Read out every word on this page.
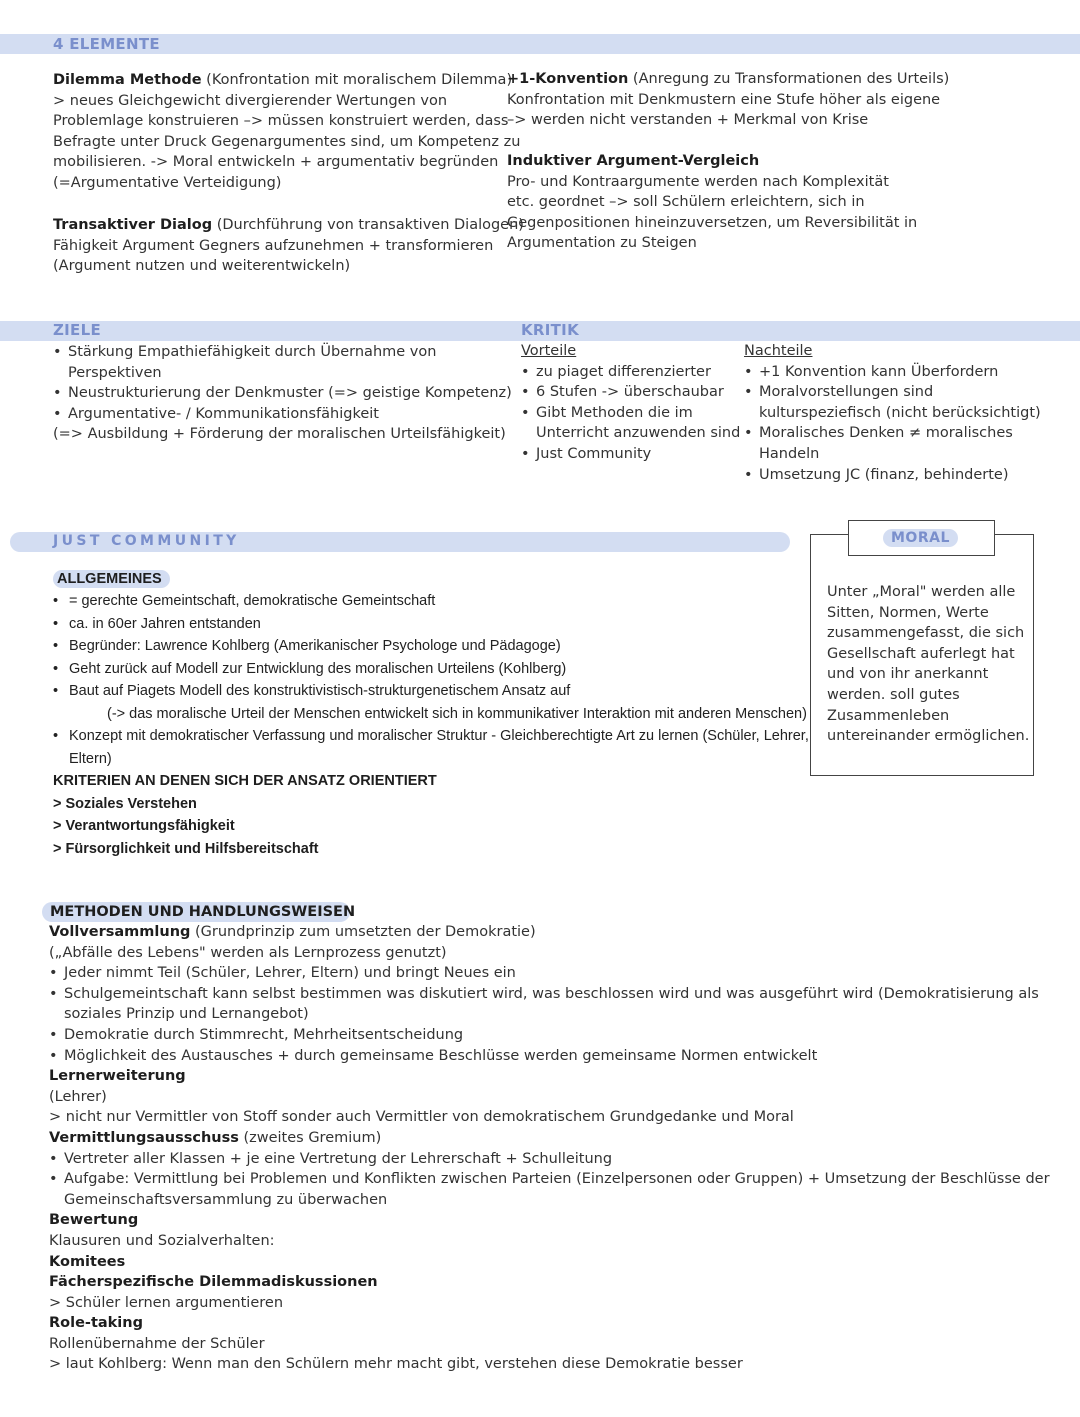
4 ELEMENTE
Dilemma Methode (Konfrontation mit moralischem Dilemma)
> neues Gleichgewicht divergierender Wertungen von
Problemlage konstruieren –> müssen konstruiert werden, dass
Befragte unter Druck Gegenargumentes sind, um Kompetenz zu
mobilisieren. -> Moral entwickeln + argumentativ begründen
(=Argumentative Verteidigung)
Transaktiver Dialog (Durchführung von transaktiven Dialogen)
Fähigkeit Argument Gegners aufzunehmen + transformieren
(Argument nutzen und weiterentwickeln)
+1-Konvention (Anregung zu Transformationen des Urteils)
Konfrontation mit Denkmustern eine Stufe höher als eigene
–> werden nicht verstanden + Merkmal von Krise
Induktiver Argument-Vergleich
Pro- und Kontraargumente werden nach Komplexität
etc. geordnet –> soll Schülern erleichtern, sich in
Gegenpositionen hineinzuversetzen, um Reversibilität in
Argumentation zu Steigen
ZIELE	KRITIK
• Stärkung Empathiefähigkeit durch Übernahme von
Perspektiven
• Neustrukturierung der Denkmuster (=> geistige Kompetenz)
• Argumentative- / Kommunikationsfähigkeit
(=> Ausbildung + Förderung der moralischen Urteilsfähigkeit)
Vorteile
• zu piaget differenzierter
• 6 Stufen -> überschaubar
• Gibt Methoden die im
Unterricht anzuwenden sind
• Just Community
Nachteile
• +1 Konvention kann Überfordern
• Moralvorstellungen sind
kulturspeziefisch (nicht berücksichtigt)
• Moralisches Denken ≠ moralisches
Handeln
• Umsetzung JC (finanz, behinderte)
JUST COMMUNITY
ALLGEMEINES
• = gerechte Gemeintschaft, demokratische Gemeintschaft
• ca. in 60er Jahren entstanden
• Begründer: Lawrence Kohlberg (Amerikanischer Psychologe und Pädagoge)
• Geht zurück auf Modell zur Entwicklung des moralischen Urteilens (Kohlberg)
• Baut auf Piagets Modell des konstruktivistisch-strukturgenetischem Ansatz auf
(-> das moralische Urteil der Menschen entwickelt sich in kommunikativer Interaktion mit anderen Menschen)
• Konzept mit demokratischer Verfassung und moralischer Struktur - Gleichberechtigte Art zu lernen (Schüler, Lehrer,
Eltern)
KRITERIEN AN DENEN SICH DER ANSATZ ORIENTIERT
> Soziales Verstehen
> Verantwortungsfähigkeit
> Fürsorglichkeit und Hilfsbereitschaft
MORAL
Unter „Moral" werden alle
Sitten, Normen, Werte
zusammengefasst, die sich
Gesellschaft auferlegt hat
und von ihr anerkannt
werden. soll gutes
Zusammenleben
untereinander ermöglichen.
METHODEN UND HANDLUNGSWEISEN
Vollversammlung (Grundprinzip zum umsetzten der Demokratie)
(„Abfälle des Lebens" werden als Lernprozess genutzt)
• Jeder nimmt Teil (Schüler, Lehrer, Eltern) und bringt Neues ein
• Schulgemeintschaft kann selbst bestimmen was diskutiert wird, was beschlossen wird und was ausgeführt wird (Demokratisierung als
soziales Prinzip und Lernangebot)
• Demokratie durch Stimmrecht, Mehrheitsentscheidung
• Möglichkeit des Austausches + durch gemeinsame Beschlüsse werden gemeinsame Normen entwickelt
Lernerweiterung
(Lehrer)
> nicht nur Vermittler von Stoff sonder auch Vermittler von demokratischem Grundgedanke und Moral
Vermittlungsausschuss (zweites Gremium)
• Vertreter aller Klassen + je eine Vertretung der Lehrerschaft + Schulleitung
• Aufgabe: Vermittlung bei Problemen und Konflikten zwischen Parteien (Einzelpersonen oder Gruppen) + Umsetzung der Beschlüsse der
Gemeinschaftsversammlung zu überwachen
Bewertung
Klausuren und Sozialverhalten:
Komitees
Fächerspezifische Dilemmadiskussionen
> Schüler lernen argumentieren
Role-taking
Rollenübernahme der Schüler
> laut Kohlberg: Wenn man den Schülern mehr macht gibt, verstehen diese Demokratie besser
